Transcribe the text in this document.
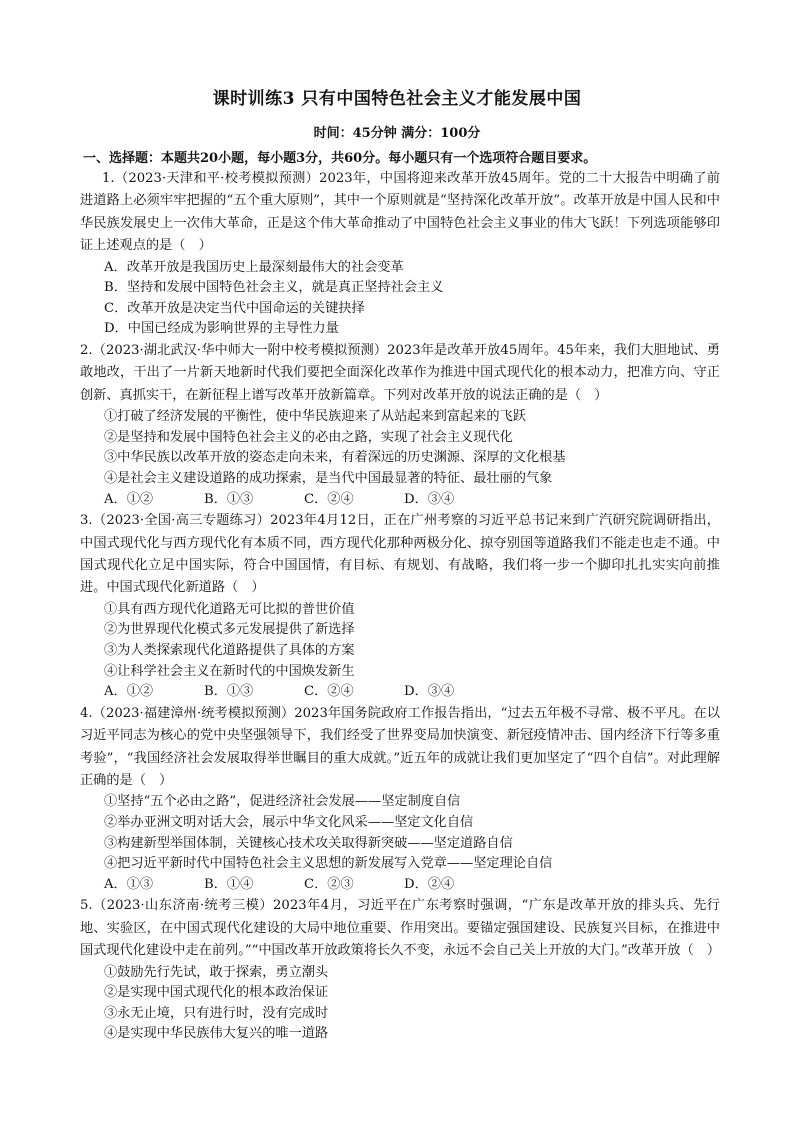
课时训练3 只有中国特色社会主义才能发展中国
时间：45分钟 满分：100分
一、选择题：本题共20小题，每小题3分，共60分。每小题只有一个选项符合题目要求。

1.（2023·天津和平·校考模拟预测）2023年，中国将迎来改革开放45周年。党的二十大报告中明确了前进道路上必须牢牢把握的“五个重大原则”，其中一个原则就是“坚持深化改革开放”。改革开放是中国人民和中华民族发展史上一次伟大革命，正是这个伟大革命推动了中国特色社会主义事业的伟大飞跃！下列选项能够印证上述观点的是（　）

A．改革开放是我国历史上最深刻最伟大的社会变革

B．坚持和发展中国特色社会主义，就是真正坚持社会主义

C．改革开放是决定当代中国命运的关键抉择

D．中国已经成为影响世界的主导性力量

2.（2023·湖北武汉·华中师大一附中校考模拟预测）2023年是改革开放45周年。45年来，我们大胆地试、勇敢地改，干出了一片新天地新时代我们要把全面深化改革作为推进中国式现代化的根本动力，把准方向、守正创新、真抓实干，在新征程上谱写改革开放新篇章。下列对改革开放的说法正确的是（　）

①打破了经济发展的平衡性，使中华民族迎来了从站起来到富起来的飞跃

②是坚持和发展中国特色社会主义的必由之路，实现了社会主义现代化

③中华民族以改革开放的姿态走向未来，有着深远的历史渊源、深厚的文化根基

④是社会主义建设道路的成功探索，是当代中国最显著的特征、最壮丽的气象

A．①②	B．①③	C．②④	D．③④

3.（2023·全国·高三专题练习）2023年4月12日，正在广州考察的习近平总书记来到广汽研究院调研指出，中国式现代化与西方现代化有本质不同，西方现代化那种两极分化、掠夺别国等道路我们不能走也走不通。中国式现代化立足中国实际，符合中国国情，有目标、有规划、有战略，我们将一步一个脚印扎扎实实向前推进。中国式现代化新道路（　）

①具有西方现代化道路无可比拟的普世价值

②为世界现代化模式多元发展提供了新选择

③为人类探索现代化道路提供了具体的方案

④让科学社会主义在新时代的中国焕发新生

A．①②	B．①③	C．②④	D．③④

4.（2023·福建漳州·统考模拟预测）2023年国务院政府工作报告指出，“过去五年极不寻常、极不平凡。在以习近平同志为核心的党中央坚强领导下，我们经受了世界变局加快演变、新冠疫情冲击、国内经济下行等多重考验”，“我国经济社会发展取得举世瞩目的重大成就。”近五年的成就让我们更加坚定了“四个自信”。对此理解正确的是（　）

①坚持“五个必由之路”，促进经济社会发展——坚定制度自信

②举办亚洲文明对话大会，展示中华文化风采——坚定文化自信

③构建新型举国体制，关键核心技术攻关取得新突破——坚定道路自信

④把习近平新时代中国特色社会主义思想的新发展写入党章——坚定理论自信

A．①③	B．①④	C．②③	D．②④

5.（2023·山东济南·统考三模）2023年4月，习近平在广东考察时强调，“广东是改革开放的排头兵、先行地、实验区，在中国式现代化建设的大局中地位重要、作用突出。要锚定强国建设、民族复兴目标，在推进中国式现代化建设中走在前列。”“中国改革开放政策将长久不变，永远不会自己关上开放的大门。”改革开放（　）

①鼓励先行先试，敢于探索，勇立潮头

②是实现中国式现代化的根本政治保证

③永无止境，只有进行时，没有完成时

④是实现中华民族伟大复兴的唯一道路
